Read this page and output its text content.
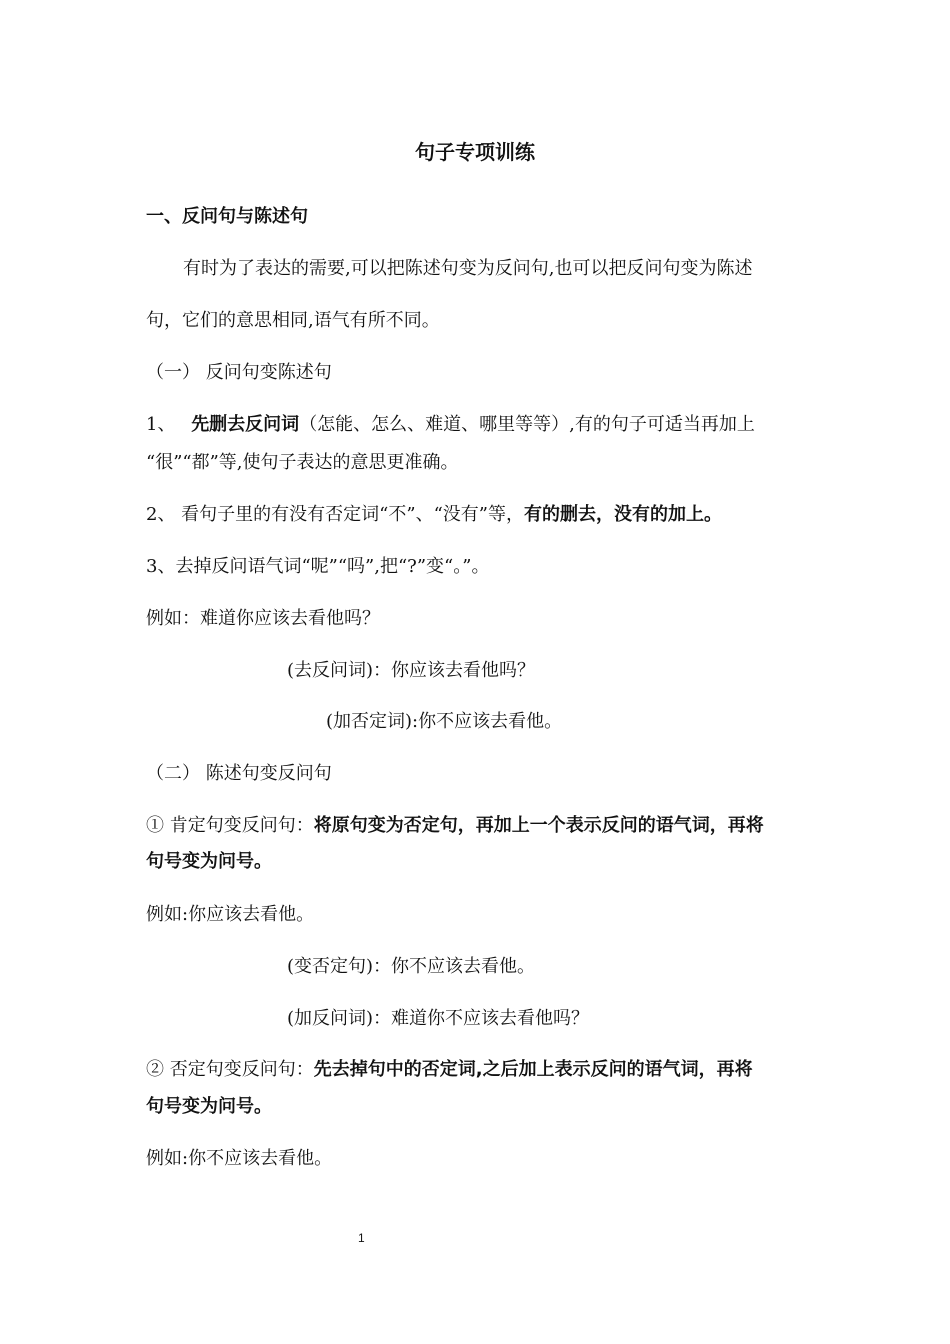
句子专项训练
一、反问句与陈述句
有时为了表达的需要,可以把陈述句变为反问句,也可以把反问句变为陈述
句，它们的意思相同,语气有所不同。
（一） 反问句变陈述句
1、 先删去反问词（怎能、怎么、难道、哪里等等）,有的句子可适当再加上
“很”“都”等,使句子表达的意思更准确。
2、 看句子里的有没有否定词“不”、“没有”等，有的删去，没有的加上。
3、去掉反问语气词“呢”“吗”,把“?”变“。”。
例如：难道你应该去看他吗？
(去反问词)：你应该去看他吗？
(加否定词):你不应该去看他。
（二） 陈述句变反问句
① 肯定句变反问句：将原句变为否定句，再加上一个表示反问的语气词，再将
句号变为问号。
例如:你应该去看他。
(变否定句)：你不应该去看他。
(加反问词)：难道你不应该去看他吗？
② 否定句变反问句：先去掉句中的否定词,之后加上表示反问的语气词，再将
句号变为问号。
例如:你不应该去看他。
1
